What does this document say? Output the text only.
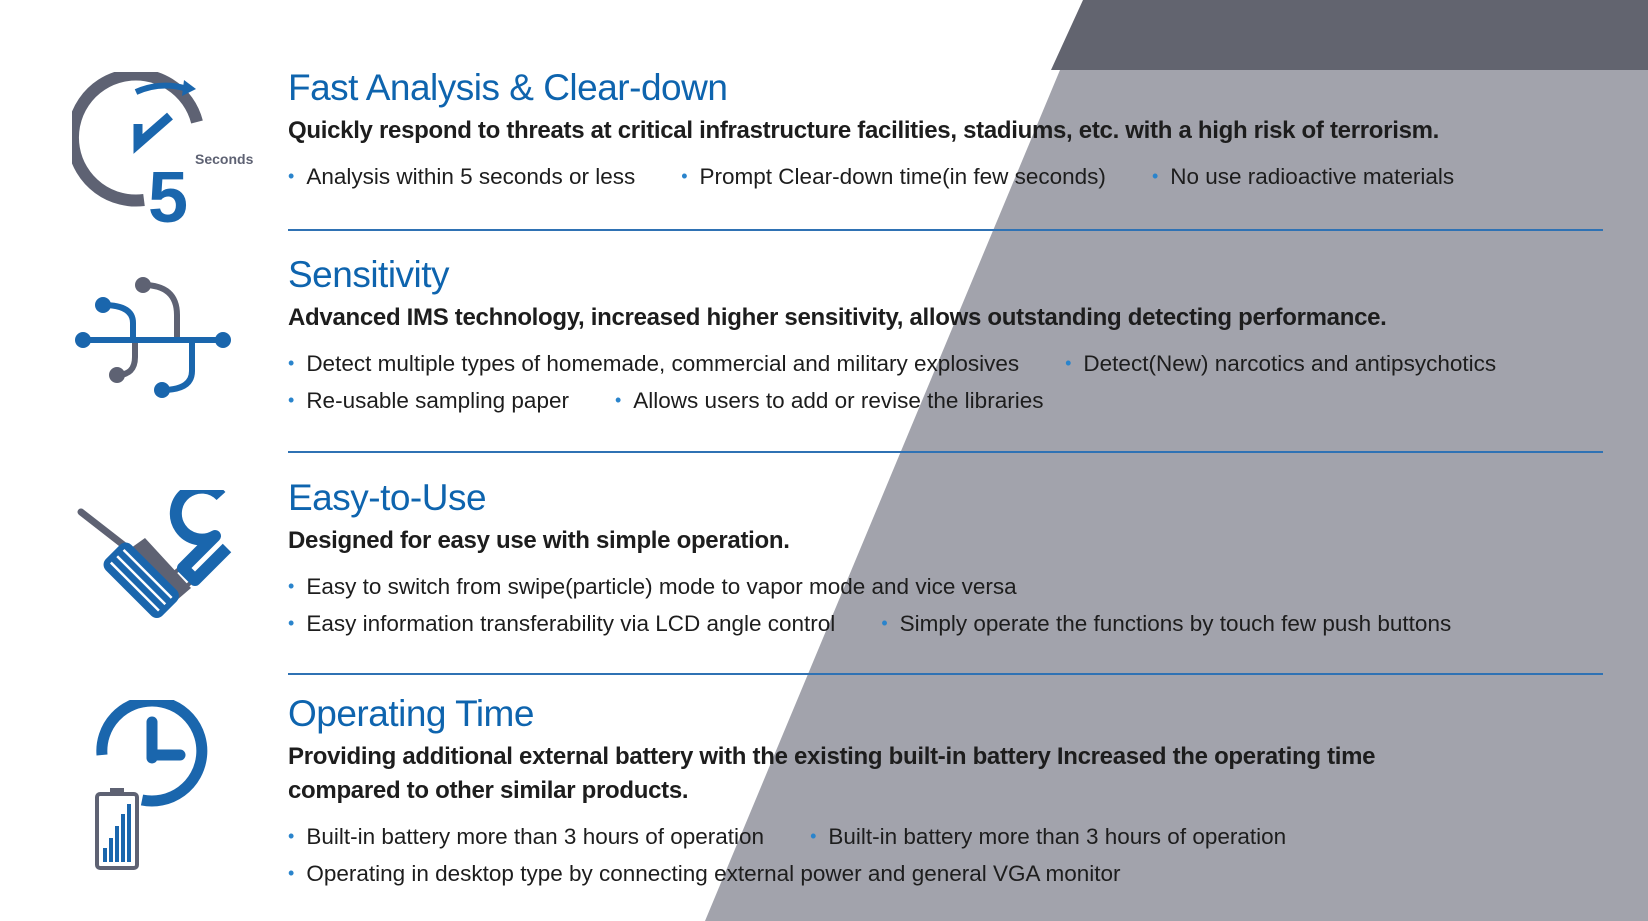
5 Seconds
Fast Analysis & Clear-down
Quickly respond to threats at critical infrastructure facilities, stadiums, etc. with a high risk of terrorism.
• Analysis within 5 seconds or less	• Prompt Clear-down time(in few seconds)	• No use radioactive materials
Sensitivity
Advanced IMS technology, increased higher sensitivity, allows outstanding detecting performance.
• Detect multiple types of homemade, commercial and military explosives	• Detect(New) narcotics and antipsychotics
• Re-usable sampling paper	• Allows users to add or revise the libraries
Easy-to-Use
Designed for easy use with simple operation.
• Easy to switch from swipe(particle) mode to vapor mode and vice versa
• Easy information transferability via LCD angle control	• Simply operate the functions by touch few push buttons
Operating Time
Providing additional external battery with the existing built-in battery Increased the operating time compared to other similar products.
• Built-in battery more than 3 hours of operation	• Built-in battery more than 3 hours of operation
• Operating in desktop type by connecting external power and general VGA monitor
